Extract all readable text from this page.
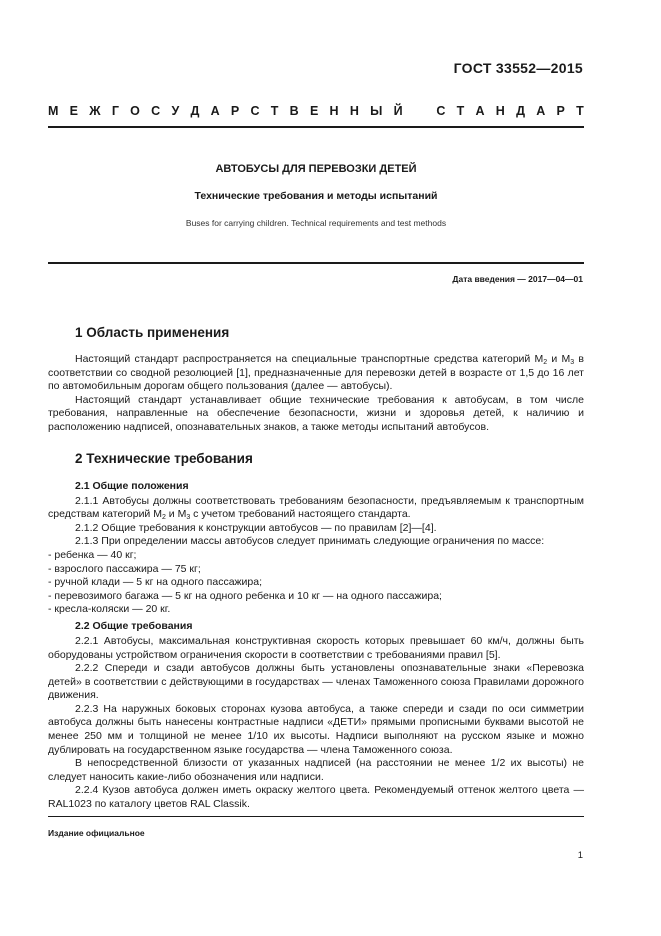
ГОСТ 33552—2015
М Е Ж Г О С У Д А Р С Т В Е Н Н Ы Й	С Т А Н Д А Р Т
АВТОБУСЫ ДЛЯ ПЕРЕВОЗКИ ДЕТЕЙ
Технические требования и методы испытаний
Buses for carrying children. Technical requirements and test methods
Дата введения — 2017—04—01
1 Область применения

Настоящий стандарт распространяется на специальные транспортные средства категорий $M_2$ и $M_3$ в соответствии со сводной резолюцией [1], предназначенные для перевозки детей в возрасте от 1,5 до 16 лет по автомобильным дорогам общего пользования (далее — автобусы).

Настоящий стандарт устанавливает общие технические требования к автобусам, в том числе требования, направленные на обеспечение безопасности, жизни и здоровья детей, к наличию и расположению надписей, опознавательных знаков, а также методы испытаний автобусов.

2 Технические требования
2.1 Общие положения

2.1.1 Автобусы должны соответствовать требованиям безопасности, предъявляемым к транспортным средствам категорий $M_2$ и $M_3$ с учетом требований настоящего стандарта.

2.1.2 Общие требования к конструкции автобусов — по правилам [2]—[4].

2.1.3 При определении массы автобусов следует принимать следующие ограничения по массе:

- ребенка — 40 кг;
- взрослого пассажира — 75 кг;
- ручной клади — 5 кг на одного пассажира;
- перевозимого багажа — 5 кг на одного ребенка и 10 кг — на одного пассажира;
- кресла-коляски — 20 кг.
2.2 Общие требования

2.2.1 Автобусы, максимальная конструктивная скорость которых превышает 60 км/ч, должны быть оборудованы устройством ограничения скорости в соответствии с требованиями правил [5].

2.2.2 Спереди и сзади автобусов должны быть установлены опознавательные знаки «Перевозка детей» в соответствии с действующими в государствах — членах Таможенного союза Правилами дорожного движения.

2.2.3 На наружных боковых сторонах кузова автобуса, а также спереди и сзади по оси симметрии автобуса должны быть нанесены контрастные надписи «ДЕТИ» прямыми прописными буквами высотой не менее 250 мм и толщиной не менее 1/10 их высоты. Надписи выполняют на русском языке и можно дублировать на государственном языке государства — члена Таможенного союза.

В непосредственной близости от указанных надписей (на расстоянии не менее 1/2 их высоты) не следует наносить какие-либо обозначения или надписи.

2.2.4 Кузов автобуса должен иметь окраску желтого цвета. Рекомендуемый оттенок желтого цвета — RAL1023 по каталогу цветов RAL Classik.

Издание официальное
1
